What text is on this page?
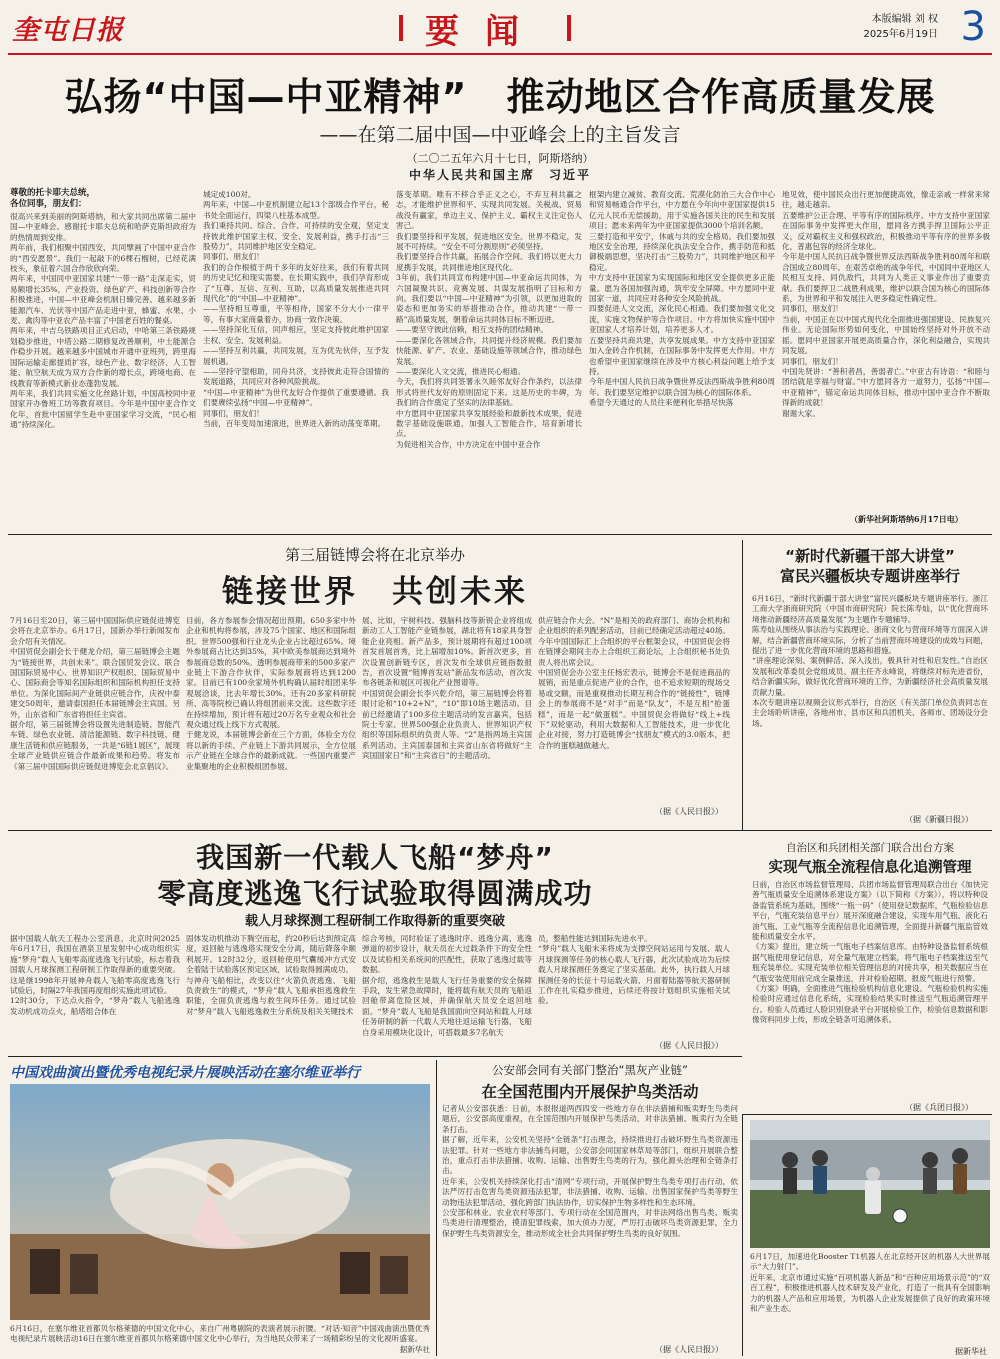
奎屯日报	要闻	本版编辑 刘 权
2025年6月19日 3
弘扬“中国—中亚精神”　推动地区合作高质量发展
——在第二届中国—中亚峰会上的主旨发言
（二〇二五年六月十七日，阿斯塔纳）
中华人民共和国主席　习近平
尊敬的托卡耶夫总统，
各位同事，朋友们：
很高兴来到美丽的阿斯塔纳，和大家共同出席第二届中国—中亚峰会。感谢托卡耶夫总统和哈萨克斯坦政府为的热情周到安排。
两年前，我们相聚中国西安，共同擘画了中国中亚合作的“西安愿景”。我们一起敲下的6棵石榴树，已经花满枝头，象征着六国合作欣欣向荣。
两年来，中国同中亚国家共建“一带一路”走深走实，贸易额增长35%，产业投资、绿色矿产、科技创新等合作积极推进，中国—中亚峰会机制日臻完善。越来越多新能源汽车、光伏等中国产品走进中亚，蜂蜜、水果、小麦、禽肉等中亚农产品丰富了中国老百姓的餐桌。
两年来，中吉乌铁路项目正式启动，中哈第三条铁路规划稳步推进，中塔公路二期修复改善顺利，中土能源合作稳步开展。越来越多中国城市开通中亚班列，跨里海国际运输走廊提质扩容，绿色产业、数字经济、人工智能、航空航天成为双方合作新的增长点，跨境电商、在线教育等新模式新业态蓬勃发展。
两年来，我们共同实施文化丝路计划，中国高校同中亚国家开办鲁班工坊等教育项目。今年是中国中亚合作文化年，首批中国留学生赴中亚国家学习交流，“民心相通”持续深化。
城定成100对。
两年来，中国—中亚机制建立起13个部级合作平台，秘书处全面运行，四梁八柱基本成型。
我们秉持共同、综合、合作、可持续的安全观，坚定支持彼此维护国家主权、安全、发展利益，携手打击“三股势力”，共同维护地区安全稳定。
同事们、朋友们！
我们的合作根植于两千多年的友好往来，我们有着共同的历史记忆和现实需要。在长期实践中，我们孕育形成了“互尊、互信、互利、互助，以高质量发展推进共同现代化”的“中国—中亚精神”。
——坚持相互尊重，平等相待，国家不分大小一律平等，有事大家商量着办，协商一致作决策。
——坚持深化互信，同声相应，坚定支持彼此维护国家主权、安全、发展利益。
——坚持互利共赢，共同发展，互为优先伙伴，互予发展机遇。
——坚持守望相助，同舟共济，支持彼此走符合国情的发展道路，共同应对各种风险挑战。
“中国—中亚精神”为世代友好合作提供了重要遵循。我们要赓续弘扬“中国—中亚精神”。
同事们，朋友们！
当前，百年变局加速演进，世界进入新的动荡变革期。
落变革期。唯有不移合乎正义之心，不弃互利共赢之志，才能维护世界和平、实现共同发展。关税战、贸易战没有赢家，单边主义、保护主义、霸权主义注定伤人害己。
我们要坚持和平发展，促进地区安全。世界不稳定，发展不可持续。“安全不可分割原则”必须坚持。
我们要坚持合作共赢，拓展合作空间。我们将以更大力度携手发展，共同推进地区现代化。
3年前，我们共同宣布构建中国—中亚命运共同体，为六国凝聚共识、竞赛发展、共谋发展指明了目标和方向。我们要以“中国—中亚精神”为引领，以更加进取的姿态和更加务实的举措推动合作，推动共建“一带一路”高质量发展，朝着命运共同体目标不断迈进。
——要坚守彼此信赖，相互支持的团结精神。
——要深化各领域合作，共同提升经济规模。我们要加快能源、矿产、农业、基础设施等领域合作，推动绿色发展。
——要深化人文交流，推进民心相通。
今天，我们将共同签署永久睦邻友好合作条约，以法律形式将世代友好的原则固定下来。这是历史的丰碑，为我们的合作奠定了坚实的法律基础。
中方愿同中亚国家共享发展经验和最新技术成果，促进数字基础设施联通，加强人工智能合作，培育新增长点。
为促进相关合作，中方决定在中国中亚合作
框架内建立减贫、教育交流、荒漠化防治三大合作中心和贸易畅通合作平台，中方愿在今年向中亚国家提供15亿元人民币无偿援助，用于实施各国关注的民生和发展项目；愿未来两年为中亚国家提供3000个培训名额。
三要打造和平安宁，休戚与共的安全格局。我们要加强地区安全治理，持续深化执法安全合作，携手防范和抵御极端思想，坚决打击“三股势力”，共同维护地区和平稳定。
中方支持中亚国家为实现国际和地区安全提供更多正能量。愿为各国加强沟通，筑牢安全屏障。中方愿同中亚国家一道，共同应对各种安全风险挑战。
四要促进人文交流，深化民心相通。我们要加强文化交流，实施文物保护等合作项目。中方将加快实施中国中亚国家人才培养计划，培养更多人才。
五要坚持共商共建，共享发展成果。中方支持中亚国家加入金砖合作机制，在国际事务中发挥更大作用。中方也希望中亚国家继续在涉及中方核心利益问题上给予支持。
今年是中国人民抗日战争暨世界反法西斯战争胜利80周年。我们要坚定维护以联合国为核心的国际体系。
希望今天通过的人员往来便利化举措尽快落
地见效，使中国民众出行更加便捷高效，像走亲戚一样常来常往，越走越亲。
五要维护公正合理、平等有序的国际秩序。中方支持中亚国家在国际事务中发挥更大作用，愿同各方携手捍卫国际公平正义，反对霸权主义和强权政治，积极推动平等有序的世界多极化，普惠包容的经济全球化。
今年是中国人民抗日战争暨世界反法西斯战争胜利80周年和联合国成立80周年。在艰苦卓绝的战争年代，中国同中亚地区人民相互支持、同仇敌忾，共同为人类正义事业作出了重要贡献。我们要捍卫二战胜利成果，维护以联合国为核心的国际体系，为世界和平和发展注入更多稳定性确定性。
同事们，朋友们！
当前，中国正在以中国式现代化全面推进强国建设、民族复兴伟业。无论国际形势如何变化，中国始终坚持对外开放不动摇。愿同中亚国家开展更高质量合作，深化利益融合，实现共同发展。
同事们，朋友们！
中国先贤讲：“善积者昌，善弱者亡。”中亚古有诗语：“和睦与团结就是幸福与财富。”中方愿同各方一道努力，弘扬“中国—中亚精神”，锚定命运共同体目标，推动中国中亚合作不断取得新的成就！
谢谢大家。
（新华社阿斯塔纳6月17日电）
第三届链博会将在北京举办
链接世界　共创未来
7月16日至20日，第三届中国国际供应链促进博览会将在北京举办。6月17日，国新办举行新闻发布会介绍有关情况。
中国贸促会副会长于健龙介绍，第三届链博会主题为“链接世界，共创未来”。联合国贸发会议、联合国国际贸易中心、世界知识产权组织、国际贸易中心、国际商会等知名国际组织和国际机构担任支持单位。为深化国际间产业链供应链合作，庆祝中泰建交50周年，邀请泰国担任本届链博会主宾国。另外，山东省和广东省将担任主宾省。
据介绍，第三届链博会将设置先进制造链、智能汽车链、绿色农业链、清洁能源链、数字科技链、健康生活链和供应链服务，一共是“6链1展区”，展现全球产业链供应链合作最新成果和趋势。将发布《第三届中国国际供应链促进博览会北京倡议》。
目前，各方参展参会情况超出预期。650多家中外企业和机构将参展，涉及75个国家、地区和国际组织。世界500强和行业龙头企业占比超过65%。境外参展商占比达到35%，其中欧美参展商达到境外参展商总数的50%。透明参展商带来的500多家产业链上下游合作伙伴，实际参展商将达到1200家。目前已有100余家境外机构确认届时组团来华观展洽谈，比去年增长30%。还有20多家科研院所、高等院校已确认将组团前来交流。这些数字还在持续增加，预计将有超过20万名专业观众和社会观众通过线上线下方式观展。
于健龙说，本届链博会新在三个方面，体验全方位将以新的手续、产业链上下游共同展示，全方位展示产业链在全球合作的最新成就。一些国内重要产业集聚地的企业积极组团参展。
展、比如，宇树科技、强脑科技等新锐企业将组成新动工人工智能产业链参展，湖北将有18家具身智能企业亮相。新产品多，预计展期将有超过100项首发首展首秀，比上届增加10%。新首次更多，首次设置创新链专区，首次发布全球供应链指数报告，首次设置“链博首发站”新品发布活动，首次发布各链条和展区可视化产业图谱等。
中国贸促会副会长李兴乾介绍，第三届链博会将着眼讨论和“10+2+N”，“10”即10场主题活动。目前已经邀请了100多位主题活动的发言嘉宾，包括院士专家、世界500强企业负责人、世界知识产权组织等国际组织的负责人等。“2”是指两场主宾国系列活动。主宾国泰国和主宾省山东省将做好“主宾国国家日”和“主宾省日”的主题活动。
供应链合作大会。“N”是相关的政府部门、商协会机构和企业组织的系列配套活动，目前已经确定活动超过40场。今年中国国际汇上合组织的平台框架会议，中国贸促会将在链博会期间主办上合组织工商论坛，上合组织秘书处负责人将出席会议。
中国贸促会办公室主任杨宏表示，链博会不是促进商品的展销，而是重点促进产业的合作，也不追求短期的现场交易或交额，而是重视推动长期互利合作的“链接性”，链博会上的参展商不是“对手”而是“队友”，不是互相“抢蛋糕”，而是一起“做蛋糕”。中国贸促会将做好“线上+线下”双轮驱动，利用大数据和人工智能技术，进一步优化企业对接，努力打造链博会“找朋友”模式的3.0版本，把合作的蛋糕越做越大。
（据《人民日报》）
“新时代新疆干部大讲堂”
富民兴疆板块专题讲座举行
6月16日，“新时代新疆干部大讲堂”富民兴疆板块专题讲座举行。浙江工商大学浙商研究院（中国市商研究院）院长陈寿灿，以“优化营商环境推动新疆经济高质量发展”为主题作专题辅导。
陈寿灿从围绕从事法治与实践理论、浙商文化与营商环境等方面深入讲解，结合新疆营商环境实际，分析了当前营商环境建设的成效与问题，提出了进一步优化营商环境的思路和措施。
“讲座理论深刻、案例鲜活、深入浅出，极具针对性和启发性。”自治区发展和改革委员会党组成员、副主任齐永峰说，将继续对标先进省份，结合新疆实际，做好优化营商环境的工作，为新疆经济社会高质量发展贡献力量。
本次专题讲座以视频会议形式举行，自治区（有关部门单位负责同志在主会场聆听讲座，各地州市、县市区和兵团机关、各师市、团场设分会场。
（据《新疆日报》）
我国新一代载人飞船“梦舟”
零高度逃逸飞行试验取得圆满成功
载人月球探测工程研制工作取得新的重要突破
据中国载人航天工程办公室消息，北京时间2025年6月17日，我国在酒泉卫星发射中心成功组织实施“梦舟”载人飞船零高度逃逸飞行试验，标志着我国载人月球探测工程研制工作取得新的重要突破。这是继1998年开展神舟载人飞船零高度逃逸飞行试验后，时隔27年我国再度组织实施此项试验。
12时30分，下达点火指令，“梦舟”载人飞船逃逸发动机成功点火，船塔组合体在
固体发动机推动下腾空而起，约20秒后达到预定高度，返回舱与逃逸塔实现安全分离，随后降落伞顺利展开。12时32分，返回舱使用气囊缓冲方式安全着陆于试验落区预定区域，试验取得圆满成功。
与神舟飞船相比，改变以往“火箭负责逃逸、飞船负责救生”的模式，“梦舟”载人飞船承担逃逸救生职能，全面负责逃逸与救生间环任务。通过试验对“梦舟”载人飞船逃逸救生分系统及相关关键技术
综合考核，同时验证了逃逸时序、逃逸分离、逃逸弹道的初步设计，航天员在大过载条件下的安全性以及试验相关系统间的匹配性，获取了逃逸过载等数据。
据介绍，逃逸救生是载人飞行任务重要的安全保障手段，发生紧急故障时，能将载有航天员的飞船返回舱带离危险区域，并确保航天员安全返回地面。“梦舟”载人飞船是我国面向空间站和载人月球任务研制的新一代载人天地往返运输飞行器，飞船自身采用模块化设计，可搭载最多7名航天
员，整船性能达到国际先进水平。
“梦舟”载人飞船未来将成为支撑空间站运用与发展、载人月球探测等任务的核心载人飞行器，此次试验成功为后续载人月球探测任务奠定了坚实基础。此外，执行载人月球探测任务的长征十号运载火箭、月面着陆器等航天器研制工作在扎实稳步推进，后续还将按计划组织实施相关试验。
（据《人民日报》）
自治区和兵团相关部门联合出台方案
实现气瓶全流程信息化追溯管理
日前，自治区市场监督管理局、兵团市场监督管理局联合出台《加快完善气瓶质量安全追溯体系建设方案》（以下简称《方案》），将以特种设备监管系统为基础，围绕“一瓶一码”（使用登记数据库，气瓶检验信息平台，气瓶充装信息平台）展开深度融合建设，实现车用气瓶、液化石油气瓶、工业气瓶等全流程信息化追溯管理，全面提升新疆气瓶监管效能和质量安全水平。
《方案》提出，建立统一气瓶电子档案信息库。由特种设备监督系统根据气瓶使用登记信息，对全量气瓶建立档案，将气瓶电子档案推送至气瓶充装单位。实现充装单位相关管理信息的对接共享，相关数据应当在气瓶安装使用前完成全量推送，并对检验超期、报废气瓶进行预警。
《方案》明确，全面推进气瓶检验机构信息化建设。气瓶检验机构实施检验时应通过信息化系统，实现检验结果实时推送至气瓶追溯管理平台。检验人员通过人脸识别登录平台开展检验工作，检验信息数据和影像资料同步上传，形成全链条可追溯体系。
（据《兵团日报》）
中国戏曲演出暨优秀电视纪录片展映活动在塞尔维亚举行
6月16日，在塞尔维亚首都贝尔格莱德的中国文化中心，来自广州粤剧院的表演者展示折腰。“对话·知音”中国戏曲演出暨优秀电视纪录片展映活动16日在塞尔维亚首都贝尔格莱德中国文化中心举行，为当地民众带来了一场精彩纷呈的文化视听盛宴。
据新华社
公安部会同有关部门整治“黑灰产业链”
在全国范围内开展保护鸟类活动
记者从公安部获悉：日前，本报报道两西四安一些地方存在非法猎捕和贩卖野生鸟类问题后，公安部高度重视，在全国范围内开展保护鸟类活动，对非法猎捕、贩卖行为全链条打击。
据了解，近年来，公安机关坚持“全链条”打击理念，持续推进打击破坏野生鸟类资源违法犯罪。针对一些地方非法捕鸟问题，公安部会同国家林草局等部门，组织开展联合整治，重点打击非法猎捕、收购、运输、出售野生鸟类的行为，强化源头治理和全链条打击。
近年来，公安机关持续深化打击“清网”专项行动，开展保护野生鸟类专项打击行动，依法严厉打击危害鸟类资源违法犯罪，非法猎捕、收购、运输、出售国家保护鸟类等野生动物违法犯罪活动，强化跨部门执法协作，切实保护生物多样性和生态环境。
公安部和林业、农业农村等部门、专项行动在全国范围内，对非法网络出售鸟类、贩卖鸟类进行清理整治，摸清犯罪线索，加大侦办力度，严厉打击破坏鸟类资源犯罪，全力保护野生鸟类资源安全，推动形成全社会共同保护野生鸟类的良好氛围。
（据《人民日报》）
6月17日，加速进化Booster T1机器人在北京经开区的机器人大世界展示“大力射门”。
近年来，北京市通过实施“百项机器人新品”和“百种应用场景示范”的“双百工程”，积极推进机器人技术研发及产业化，打造了一批具有全国影响力的机器人产品和应用场景，为机器人企业发展提供了良好的政策环境和产业生态。
据新华社
